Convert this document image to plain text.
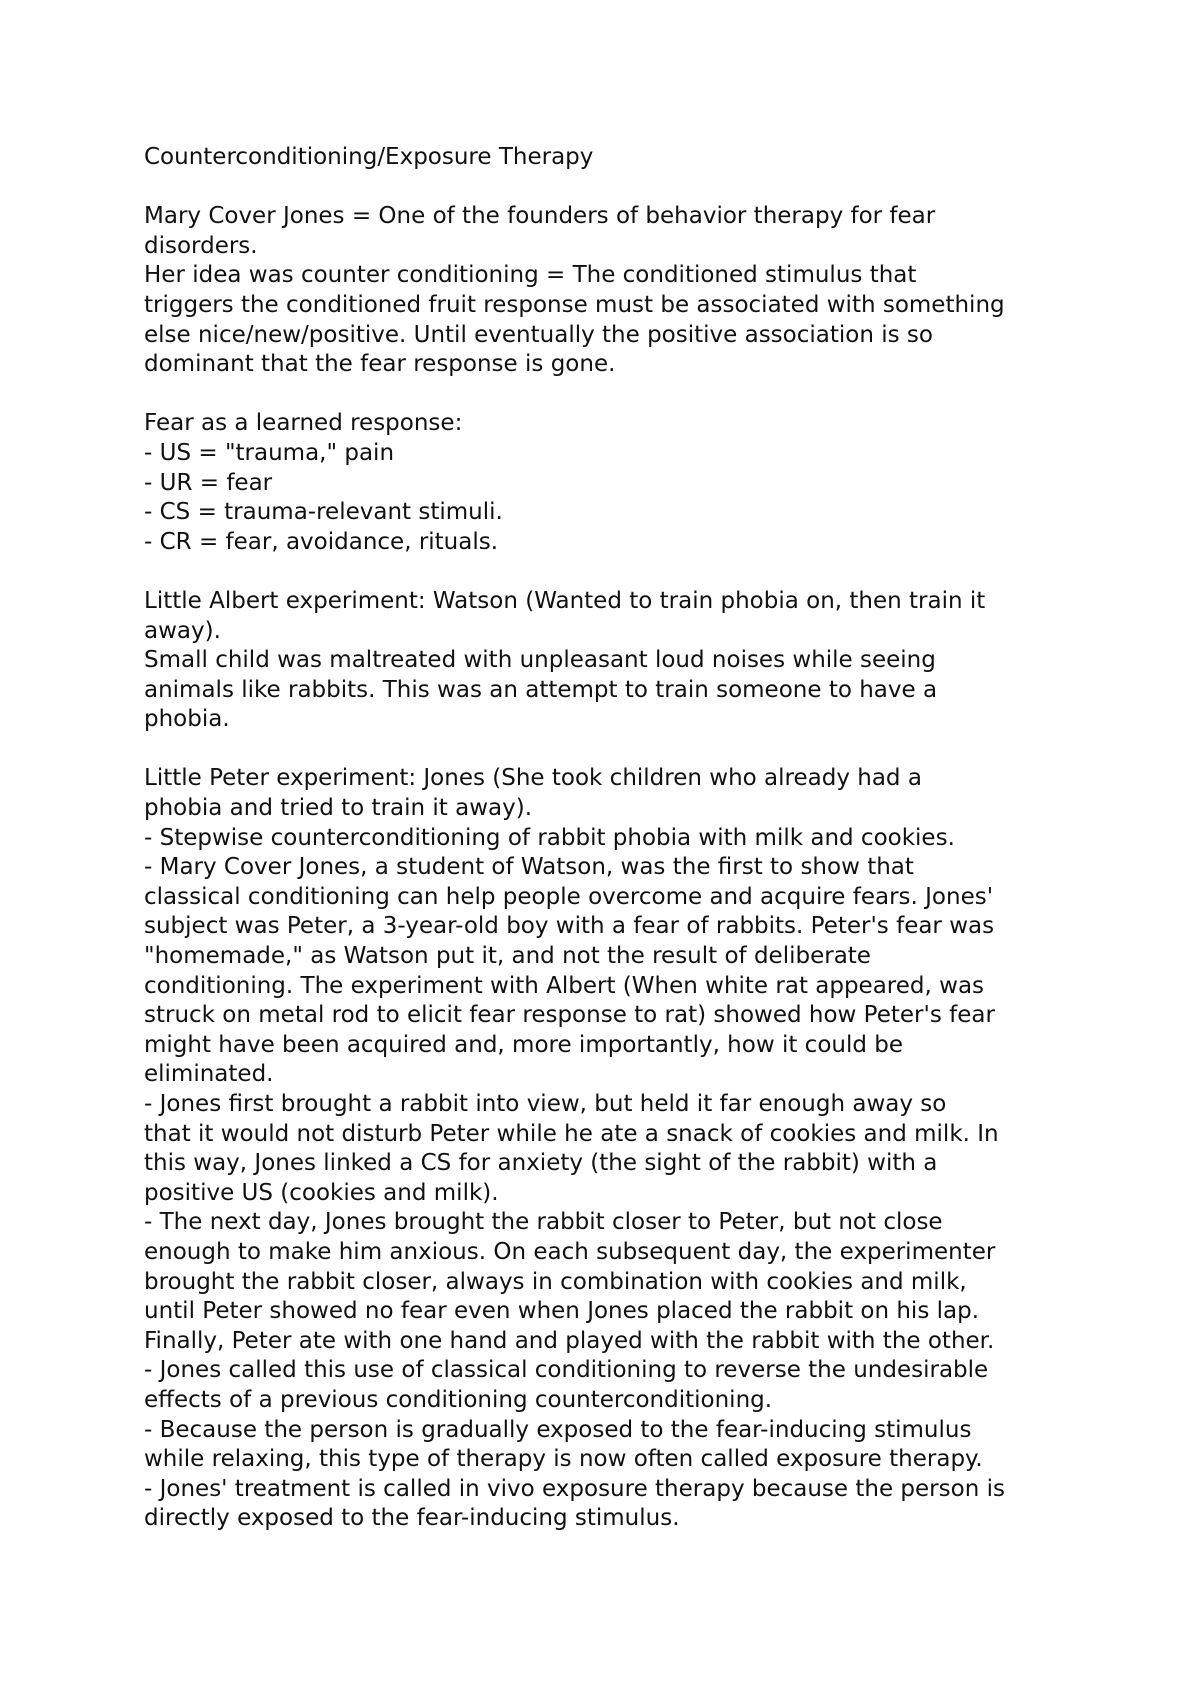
Counterconditioning/Exposure Therapy
Mary Cover Jones = One of the founders of behavior therapy for fear
disorders.
Her idea was counter conditioning = The conditioned stimulus that
triggers the conditioned fruit response must be associated with something
else nice/new/positive. Until eventually the positive association is so
dominant that the fear response is gone.
Fear as a learned response:
- US = "trauma," pain
- UR = fear
- CS = trauma-relevant stimuli.
- CR = fear, avoidance, rituals.
Little Albert experiment: Watson (Wanted to train phobia on, then train it
away).
Small child was maltreated with unpleasant loud noises while seeing
animals like rabbits. This was an attempt to train someone to have a
phobia.
Little Peter experiment: Jones (She took children who already had a
phobia and tried to train it away).
- Stepwise counterconditioning of rabbit phobia with milk and cookies.
- Mary Cover Jones, a student of Watson, was the first to show that
classical conditioning can help people overcome and acquire fears. Jones'
subject was Peter, a 3-year-old boy with a fear of rabbits. Peter's fear was
"homemade," as Watson put it, and not the result of deliberate
conditioning. The experiment with Albert (When white rat appeared, was
struck on metal rod to elicit fear response to rat) showed how Peter's fear
might have been acquired and, more importantly, how it could be
eliminated.
- Jones first brought a rabbit into view, but held it far enough away so
that it would not disturb Peter while he ate a snack of cookies and milk. In
this way, Jones linked a CS for anxiety (the sight of the rabbit) with a
positive US (cookies and milk).
- The next day, Jones brought the rabbit closer to Peter, but not close
enough to make him anxious. On each subsequent day, the experimenter
brought the rabbit closer, always in combination with cookies and milk,
until Peter showed no fear even when Jones placed the rabbit on his lap.
Finally, Peter ate with one hand and played with the rabbit with the other.
- Jones called this use of classical conditioning to reverse the undesirable
effects of a previous conditioning counterconditioning.
- Because the person is gradually exposed to the fear-inducing stimulus
while relaxing, this type of therapy is now often called exposure therapy.
- Jones' treatment is called in vivo exposure therapy because the person is
directly exposed to the fear-inducing stimulus.
